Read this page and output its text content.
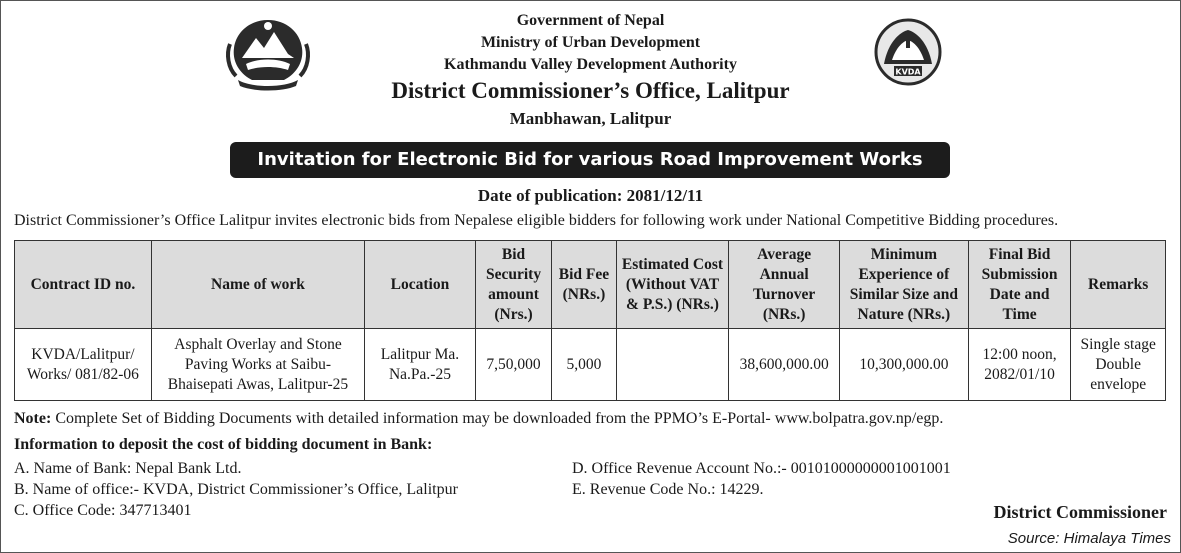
KVDA
Government of Nepal
Ministry of Urban Development
Kathmandu Valley Development Authority
District Commissioner’s Office, Lalitpur
Manbhawan, Lalitpur
Invitation for Electronic Bid for various Road Improvement Works
Date of publication: 2081/12/11
District Commissioner’s Office Lalitpur invites electronic bids from Nepalese eligible bidders for following work under National Competitive Bidding procedures.
Contract ID no.	Name of work	Location	Bid Security amount (Nrs.)	Bid Fee (NRs.)	Estimated Cost (Without VAT & P.S.) (NRs.)	Average Annual Turnover (NRs.)	Minimum Experience of Similar Size and Nature (NRs.)	Final Bid Submission Date and Time	Remarks
KVDA/Lalitpur/ Works/ 081/82-06	Asphalt Overlay and Stone Paving Works at Saibu-Bhaisepati Awas, Lalitpur-25	Lalitpur Ma. Na.Pa.-25	7,50,000	5,000		38,600,000.00	10,300,000.00	12:00 noon, 2082/01/10	Single stage Double envelope
Note: Complete Set of Bidding Documents with detailed information may be downloaded from the PPMO’s E-Portal- www.bolpatra.gov.np/egp.
Information to deposit the cost of bidding document in Bank:
A. Name of Bank: Nepal Bank Ltd.
B. Name of office:- KVDA, District Commissioner’s Office, Lalitpur
C. Office Code: 347713401
D. Office Revenue Account No.:- 00101000000001001001
E. Revenue Code No.: 14229.
District Commissioner
Source: Himalaya Times
